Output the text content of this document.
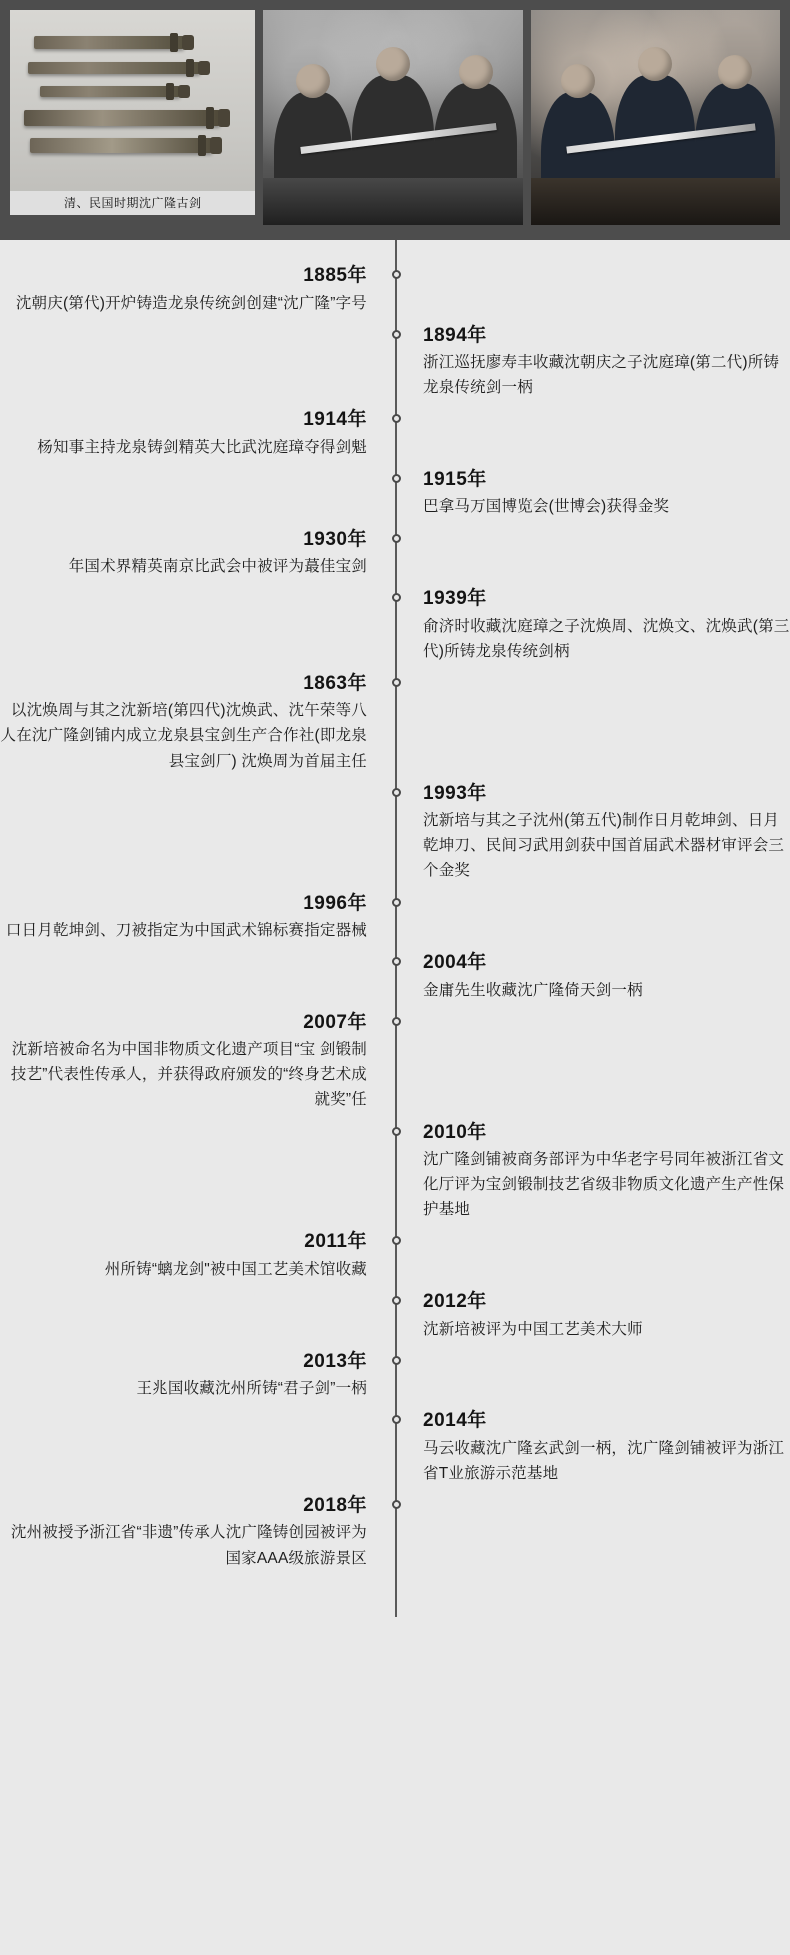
清、民国时期沈广隆古剑
1885年
沈朝庆(第代)开炉铸造龙泉传统剑创建“沈广隆”字号
1894年
浙江巡抚廖寿丰收藏沈朝庆之子沈庭璋(第二代)所铸龙泉传统剑一柄
1914年
杨知事主持龙泉铸剑精英大比武沈庭璋夺得剑魁
1915年
巴拿马万国博览会(世博会)获得金奖
1930年
年国术界精英南京比武会中被评为蕞佳宝剑
1939年
俞济时收藏沈庭璋之子沈焕周、沈焕文、沈焕武(第三代)所铸龙泉传统剑柄
1863年
以沈焕周与其之沈新培(第四代)沈焕武、沈午荣等八人在沈广隆剑铺内成立龙泉县宝剑生产合作社(即龙泉县宝剑厂) 沈焕周为首届主任
1993年
沈新培与其之子沈州(第五代)制作日月乾坤剑、日月乾坤刀、民间习武用剑获中国首届武术器材审评会三个金奖
1996年
口日月乾坤剑、刀被指定为中国武术锦标赛指定器械
2004年
金庸先生收藏沈广隆倚天剑一柄
2007年
沈新培被命名为中国非物质文化遗产项目“宝 剑锻制技艺”代表性传承人，并获得政府颁发的“终身艺术成就奖”任
2010年
沈广隆剑铺被商务部评为中华老字号同年被浙江省文化厅评为宝剑锻制技艺省级非物质文化遗产生产性保护基地
2011年
州所铸“螭龙剑"被中国工艺美术馆收藏
2012年
沈新培被评为中国工艺美术大师
2013年
王兆国收藏沈州所铸“君子剑”一柄
2014年
马云收藏沈广隆玄武剑一柄，沈广隆剑铺被评为浙江省T业旅游示范基地
2018年
沈州被授予浙江省“非遗”传承人沈广隆铸创园被评为国家AAA级旅游景区
